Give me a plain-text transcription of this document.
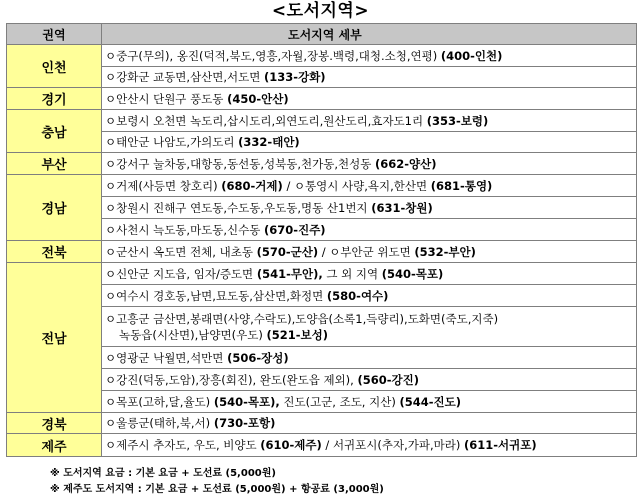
<도서지역>
권역	도서지역 세부
인천	ㅇ중구(무의), 옹진(덕적,북도,영흥,자월,장봉.백령,대청.소청,연평) (400-인천)
	ㅇ강화군 교동면,삼산면,서도면 (133-강화)
경기	ㅇ안산시 단원구 풍도동 (450-안산)
충남	ㅇ보령시 오천면 녹도리,삽시도리,외연도리,원산도리,효자도1리 (353-보령)
	ㅇ태안군 나암도,가의도리 (332-태안)
부산	ㅇ강서구 눌차동,대항동,동선동,성북동,천가동,천성동 (662-양산)
경남	ㅇ거제(사등면 창호리) (680-거제) / ㅇ통영시 사량,욕지,한산면 (681-통영)
	ㅇ창원시 진해구 연도동,수도동,우도동,명동 산1번지 (631-창원)
	ㅇ사천시 늑도동,마도동,신수동 (670-진주)
전북	ㅇ군산시 옥도면 전체, 내초동 (570-군산) / ㅇ부안군 위도면 (532-부안)
전남	ㅇ신안군 지도읍, 임자/증도면 (541-무안), 그 외 지역 (540-목포)
	ㅇ여수시 경호동,남면,묘도동,삼산면,화정면 (580-여수)

	ㅇ고흥군 금산면,봉래면(사양,수락도),도양읍(소록1,득량리),도화면(죽도,지죽)
녹동읍(시산면),남양면(우도) (521-보성)

	ㅇ영광군 낙월면,석만면 (506-장성)
	ㅇ강진(덕동,도암),장흥(회진), 완도(완도읍 제외), (560-강진)
	ㅇ목포(고하,달,율도) (540-목포), 진도(고군, 조도, 지산) (544-진도)
경북	ㅇ울릉군(태하,북,서) (730-포항)
제주	ㅇ제주시 추자도, 우도, 비양도 (610-제주) / 서귀포시(추자,가파,마라) (611-서귀포)
※ 도서지역 요금 : 기본 요금 + 도선료 (5,000원)
※ 제주도 도서지역 : 기본 요금 + 도선료 (5,000원) + 항공료 (3,000원)
